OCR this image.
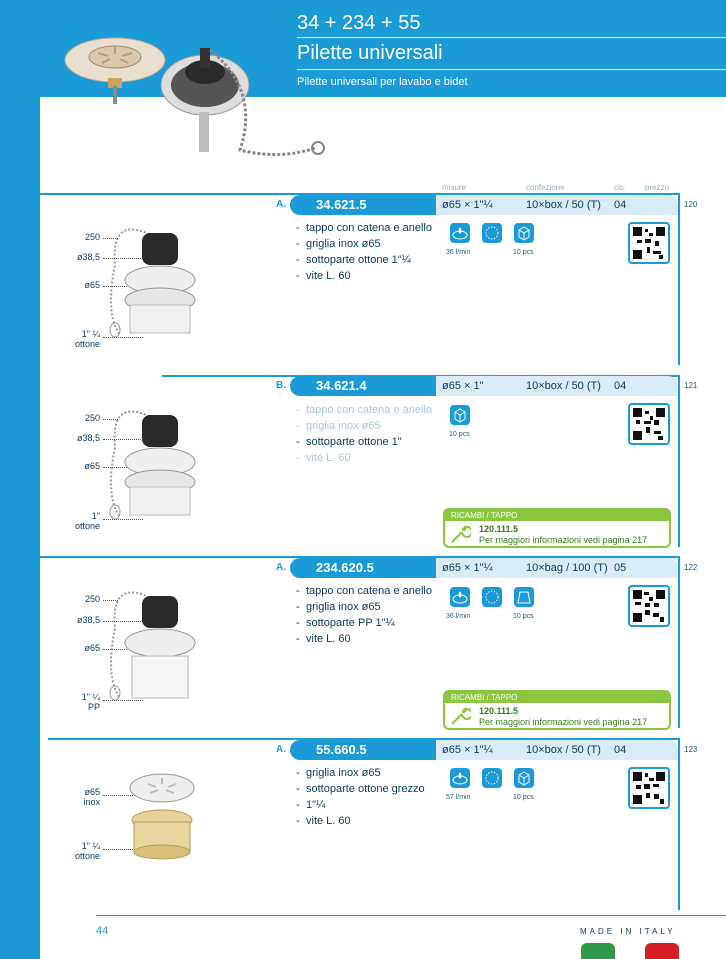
34 + 234 + 55
Pilette universali
Pilette universali per lavabo e bidet
misure	confezione	cls. prezzo
A.	34.621.5	ø65 × 1"¼	10×box / 50 (T) 04	120
- tappo con catena e anello
- griglia inox ø65
- sottoparte ottone 1"¼
- vite L. 60
36 l/min	10 pcs
250
ø38,5
ø65
1" ¼
ottone
B.	34.621.4	ø65 × 1"	10×box / 50 (T) 04	121
- tappo con catena e anello
- griglia inox ø65
- sottoparte ottone 1"
- vite L. 60
10 pcs
RICAMBI / TAPPO
120.111.5
Per maggiori informazioni vedi pagina 217
250
ø38,5
ø65
1"
ottone
A.	234.620.5	ø65 × 1"¼	10×bag / 100 (T) 05	122
- tappo con catena e anello
- griglia inox ø65
- sottoparte PP 1"¼
- vite L. 60
36 l/min	10 pcs
RICAMBI / TAPPO
120.111.5
Per maggiori informazioni vedi pagina 217
250
ø38,5
ø65
1" ¼
PP
A.	55.660.5	ø65 × 1"¼	10×box / 50 (T) 04	123
- griglia inox ø65
- sottoparte ottone grezzo
- 1"¼
- vite L. 60
57 l/min	10 pcs
ø65
inox
1" ¼
ottone
44	MADE IN ITALY
